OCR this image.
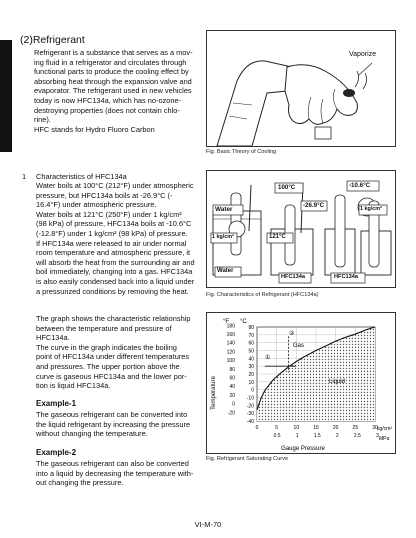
(2)Refrigerant

Refrigerant is a substance that serves as a mov-

ing fluid in a refrigerator and circulates through

functional parts to produce the cooling effect by

absorbing heat through the expansion valve and

evaporator. The refrigerant used in new vehicles

today is now HFC134a, which has no-ozone-

destroying properties (does not contain chlo-

rine).

HFC stands for Hydro Fluoro Carbon

Vaporize
Fig. Basic Theory of Cooling
1 Characteristics of HFC134a

Water boils at 100°C (212°F) under atmospheric

pressure, but HFC134a boils at -26.9°C (-

16.4°F) under atmospheric pressure.

Water boils at 121°C (250°F) under 1 kg/cm²

(98 kPa) of pressure, HFC134a boils at -10.6°C

(-12.8°F) under 1 kg/cm² (98 kPa) of pressure.

If HFC134a were released to air under normal

room temperature and atmospheric pressure, it

will absorb the heat from the surrounding air and

boil immediately, changing into a gas. HFC134a

is also easily condensed back into a liquid under

a pressurized conditions by removing the heat.

100°C	-10.6°C
Water
-26.9°C
1 kg/cm²
1 kg/cm²
121°C
Water
HFC134a	HFC134a
Fig. Characteristics of Refrigerant (HFC134a)

The graph shows the characteristic relationship

between the temperature and pressure of

HFC134a.

The curve in the graph indicates the boiling

point of HFC134a under different temperatures

and pressures. The upper portion above the

curve is gaseous HFC134a and the lower por-

tion is liquid HFC134a.

Example-1

The gaseous refrigerant can be converted into

the liquid refrigerant by increasing the pressure

without changing the temperature.

Example-2

The gaseous refrigerant can also be converted

into a liquid by decreasing the temperature with-

out changing the pressure.

80
70
60
50
40
30
20
10
0
-10
-20
-30
-40
180
160
140
120
100
80
60
40
20
0
-20
0	5	10	15	20	25	30
0.5	1	1.5	2	2.5	3
Temperature
°F °C
Gauge Pressure
kg/cm²
MPa
Gas
Liquid
①
②
Fig. Refrigerant Saturating Curve
VI-M-70
